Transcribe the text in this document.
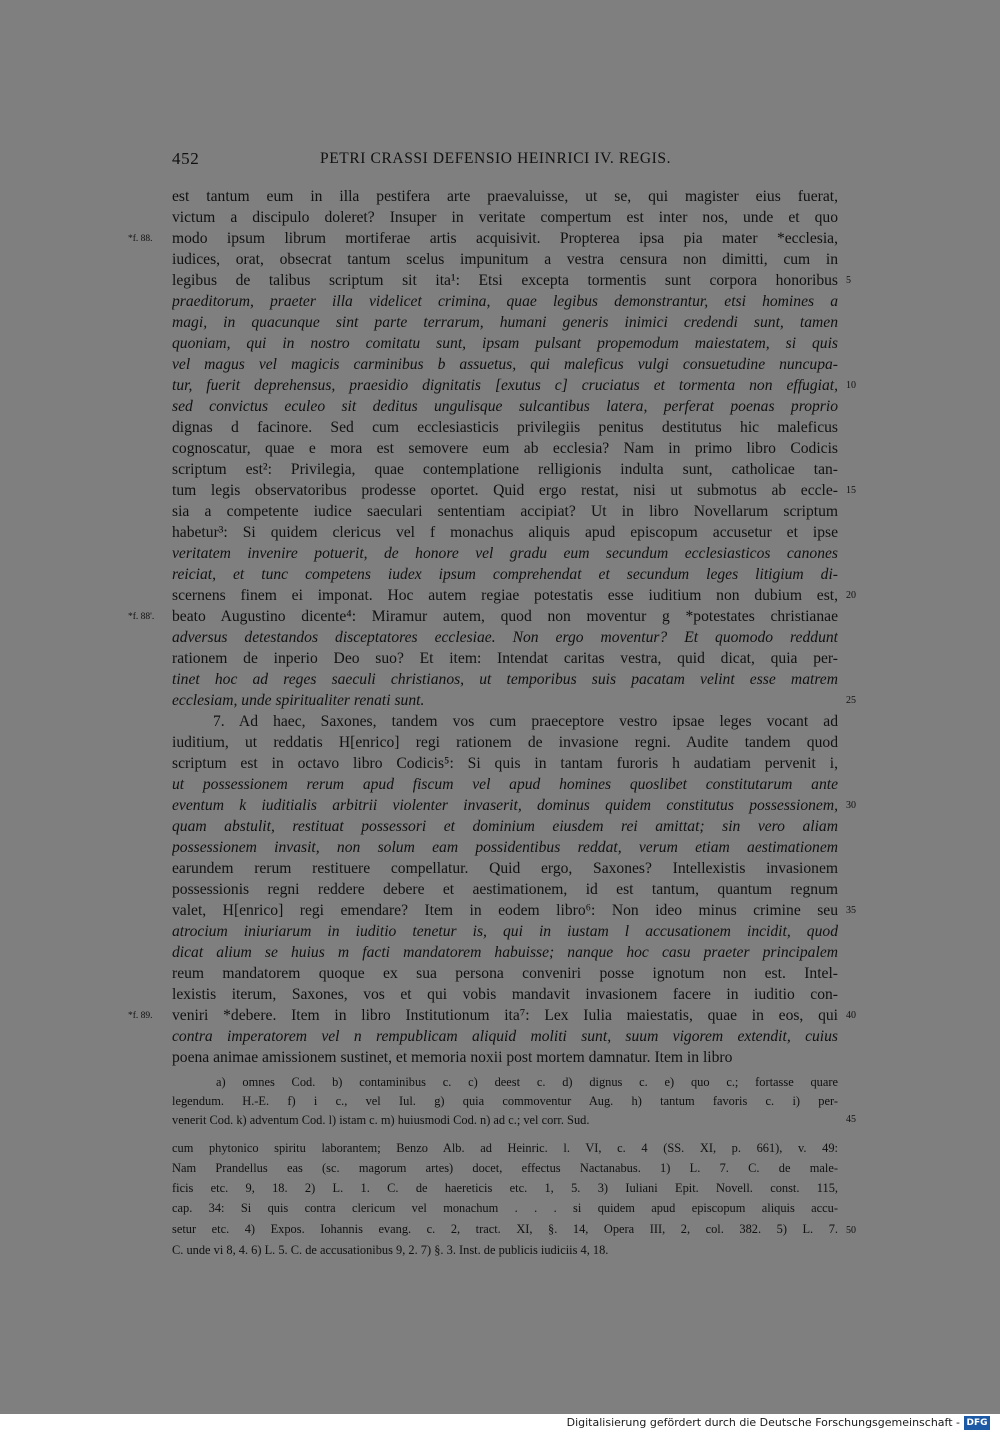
452	PETRI CRASSI DEFENSIO HEINRICI IV. REGIS.
est tantum eum in illa pestifera arte praevaluisse, ut se, qui magister eius fuerat,
victum a discipulo doleret? Insuper in veritate compertum est inter nos, unde et quo
modo ipsum librum mortiferae artis acquisivit. Propterea ipsa pia mater *ecclesia,
iudices, orat, obsecrat tantum scelus impunitum a vestra censura non dimitti, cum in
legibus de talibus scriptum sit ita¹: Etsi excepta tormentis sunt corpora honoribus
praeditorum, praeter illa videlicet crimina, quae legibus demonstrantur, etsi homines a
magi, in quacunque sint parte terrarum, humani generis inimici credendi sunt, tamen
quoniam, qui in nostro comitatu sunt, ipsam pulsant propemodum maiestatem, si quis
vel magus vel magicis carminibus b assuetus, qui maleficus vulgi consuetudine nuncupa-
tur, fuerit deprehensus, praesidio dignitatis [exutus c] cruciatus et tormenta non effugiat,
sed convictus eculeo sit deditus ungulisque sulcantibus latera, perferat poenas proprio
dignas d facinore. Sed cum ecclesiasticis privilegiis penitus destitutus hic maleficus
cognoscatur, quae e mora est semovere eum ab ecclesia? Nam in primo libro Codicis
scriptum est²: Privilegia, quae contemplatione relligionis indulta sunt, catholicae tan-
tum legis observatoribus prodesse oportet. Quid ergo restat, nisi ut submotus ab eccle-
sia a competente iudice saeculari sententiam accipiat? Ut in libro Novellarum scriptum
habetur³: Si quidem clericus vel f monachus aliquis apud episcopum accusetur et ipse
veritatem invenire potuerit, de honore vel gradu eum secundum ecclesiasticos canones
reiciat, et tunc competens iudex ipsum comprehendat et secundum leges litigium di-
scernens finem ei imponat. Hoc autem regiae potestatis esse iuditium non dubium est,
beato Augustino dicente⁴: Miramur autem, quod non moventur g *potestates christianae
adversus detestandos disceptatores ecclesiae. Non ergo moventur? Et quomodo reddunt
rationem de inperio Deo suo? Et item: Intendat caritas vestra, quid dicat, quia per-
tinet hoc ad reges saeculi christianos, ut temporibus suis pacatam velint esse matrem
ecclesiam, unde spiritualiter renati sunt.
7. Ad haec, Saxones, tandem vos cum praeceptore vestro ipsae leges vocant ad
iuditium, ut reddatis H[enrico] regi rationem de invasione regni. Audite tandem quod
scriptum est in octavo libro Codicis⁵: Si quis in tantam furoris h audatiam pervenit i,
ut possessionem rerum apud fiscum vel apud homines quoslibet constitutarum ante
eventum k iuditialis arbitrii violenter invaserit, dominus quidem constitutus possessionem,
quam abstulit, restituat possessori et dominium eiusdem rei amittat; sin vero aliam
possessionem invasit, non solum eam possidentibus reddat, verum etiam aestimationem
earundem rerum restituere compellatur. Quid ergo, Saxones? Intellexistis invasionem
possessionis regni reddere debere et aestimationem, id est tantum, quantum regnum
valet, H[enrico] regi emendare? Item in eodem libro⁶: Non ideo minus crimine seu
atrocium iniuriarum in iuditio tenetur is, qui in iustam l accusationem incidit, quod
dicat alium se huius m facti mandatorem habuisse; nanque hoc casu praeter principalem
reum mandatorem quoque ex sua persona conveniri posse ignotum non est. Intel-
lexistis iterum, Saxones, vos et qui vobis mandavit invasionem facere in iuditio con-
veniri *debere. Item in libro Institutionum ita⁷: Lex Iulia maiestatis, quae in eos, qui
contra imperatorem vel n rempublicam aliquid moliti sunt, suum vigorem extendit, cuius
poena animae amissionem sustinet, et memoria noxii post mortem damnatur. Item in libro
5
10
15
20
25
30
35
40
45
50
*f. 88.
*f. 88'.
*f. 89.
a) omnes Cod. b) contaminibus c. c) deest c. d) dignus c. e) quo c.; fortasse quare
legendum. H.-E. f) i c., vel Iul. g) quia commoventur Aug. h) tantum favoris c. i) per-
venerit Cod. k) adventum Cod. l) istam c. m) huiusmodi Cod. n) ad c.; vel corr. Sud.
cum phytonico spiritu laborantem; Benzo Alb. ad Heinric. l. VI, c. 4 (SS. XI, p. 661), v. 49:
Nam Prandellus eas (sc. magorum artes) docet, effectus Nactanabus. 1) L. 7. C. de male-
ficis etc. 9, 18. 2) L. 1. C. de haereticis etc. 1, 5. 3) Iuliani Epit. Novell. const. 115,
cap. 34: Si quis contra clericum vel monachum . . . si quidem apud episcopum aliquis accu-
setur etc. 4) Expos. Iohannis evang. c. 2, tract. XI, §. 14, Opera III, 2, col. 382. 5) L. 7.
C. unde vi 8, 4. 6) L. 5. C. de accusationibus 9, 2. 7) §. 3. Inst. de publicis iudiciis 4, 18.
Digitalisierung gefördert durch die Deutsche Forschungsgemeinschaft - DFG
